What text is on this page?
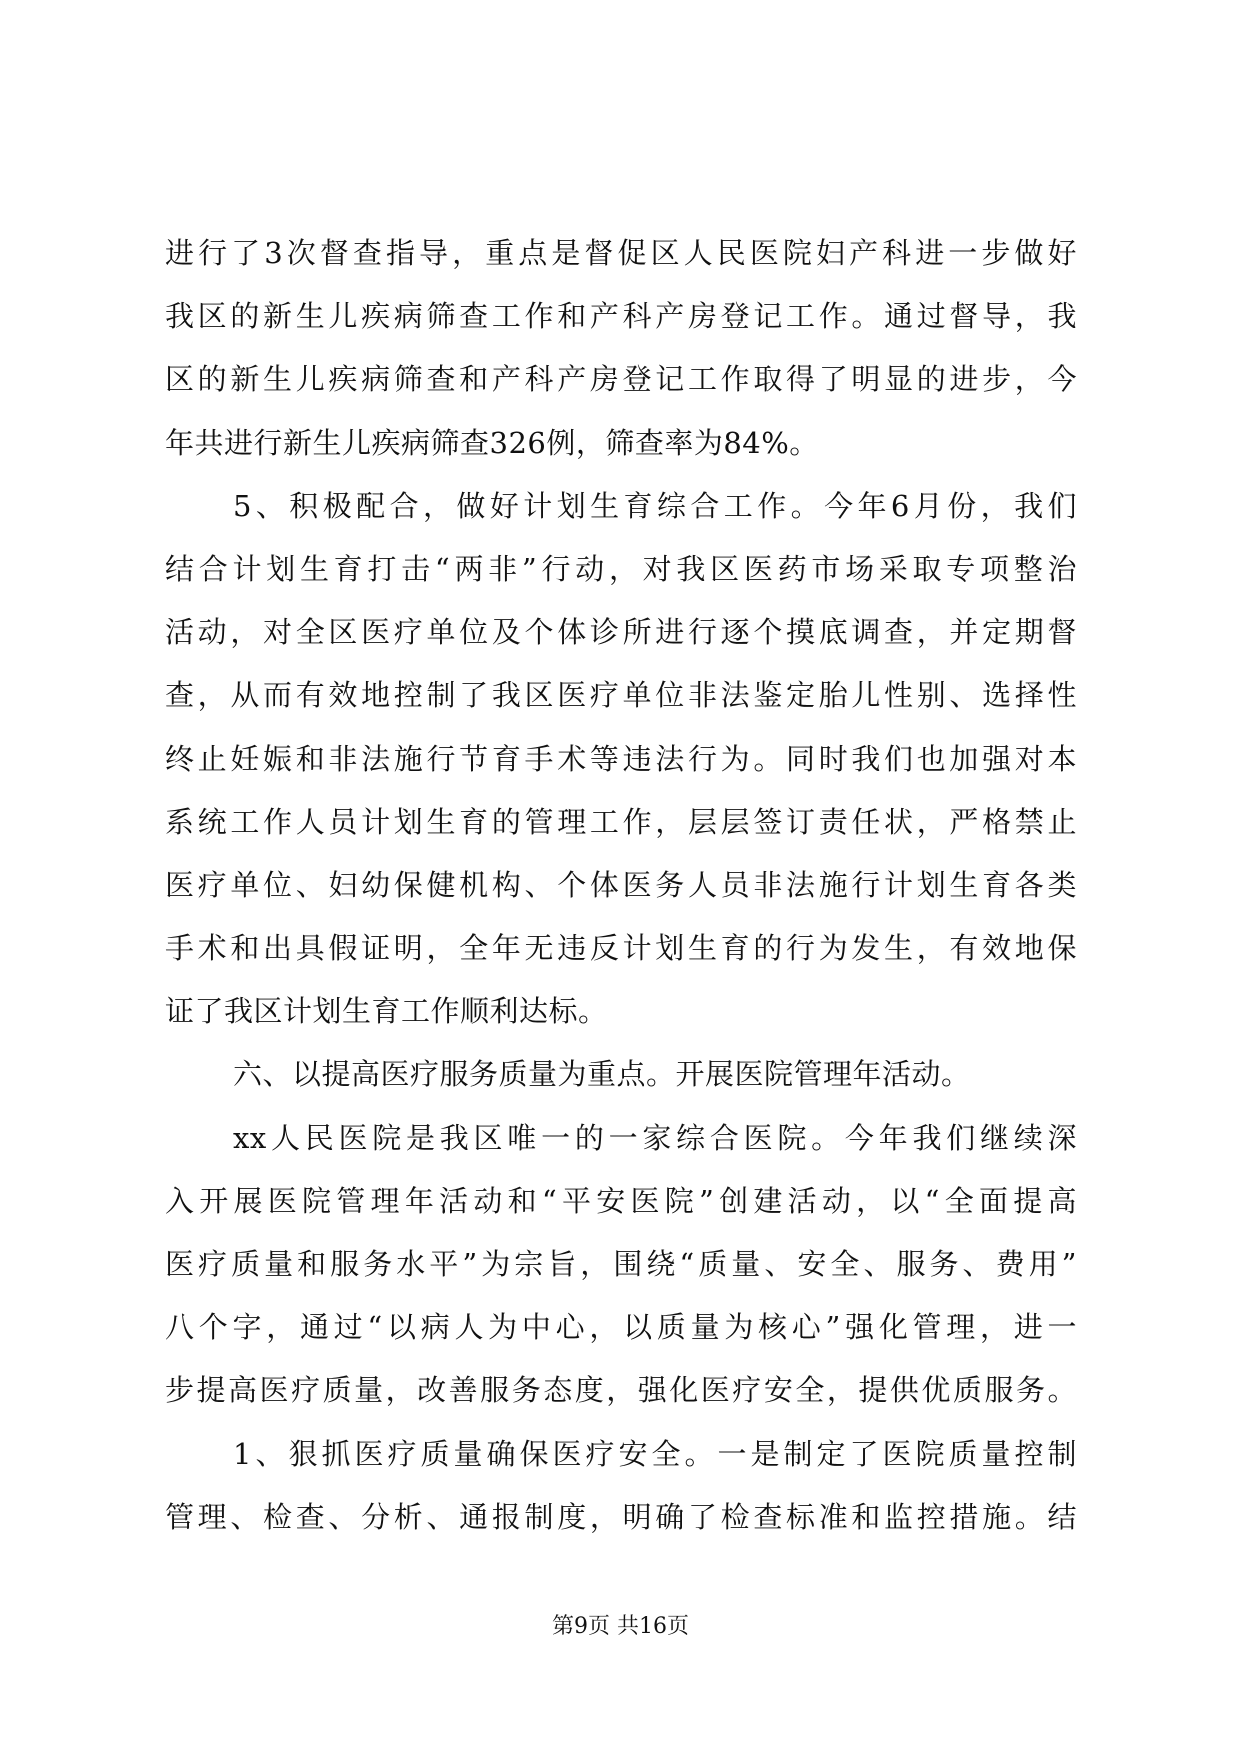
进行了3次督查指导，重点是督促区人民医院妇产科进一步做好
我区的新生儿疾病筛查工作和产科产房登记工作。通过督导，我
区的新生儿疾病筛查和产科产房登记工作取得了明显的进步，今
年共进行新生儿疾病筛查326例，筛查率为84%。
5、积极配合，做好计划生育综合工作。今年6月份，我们
结合计划生育打击“两非”行动，对我区医药市场采取专项整治
活动，对全区医疗单位及个体诊所进行逐个摸底调查，并定期督
查，从而有效地控制了我区医疗单位非法鉴定胎儿性别、选择性
终止妊娠和非法施行节育手术等违法行为。同时我们也加强对本
系统工作人员计划生育的管理工作，层层签订责任状，严格禁止
医疗单位、妇幼保健机构、个体医务人员非法施行计划生育各类
手术和出具假证明，全年无违反计划生育的行为发生，有效地保
证了我区计划生育工作顺利达标。
六、以提高医疗服务质量为重点。开展医院管理年活动。
xx人民医院是我区唯一的一家综合医院。今年我们继续深
入开展医院管理年活动和“平安医院”创建活动，以“全面提高
医疗质量和服务水平”为宗旨，围绕“质量、安全、服务、费用”
八个字，通过“以病人为中心，以质量为核心”强化管理，进一
步提高医疗质量，改善服务态度，强化医疗安全，提供优质服务。
1、狠抓医疗质量确保医疗安全。一是制定了医院质量控制
管理、检查、分析、通报制度，明确了检查标准和监控措施。结
第9页 共16页
